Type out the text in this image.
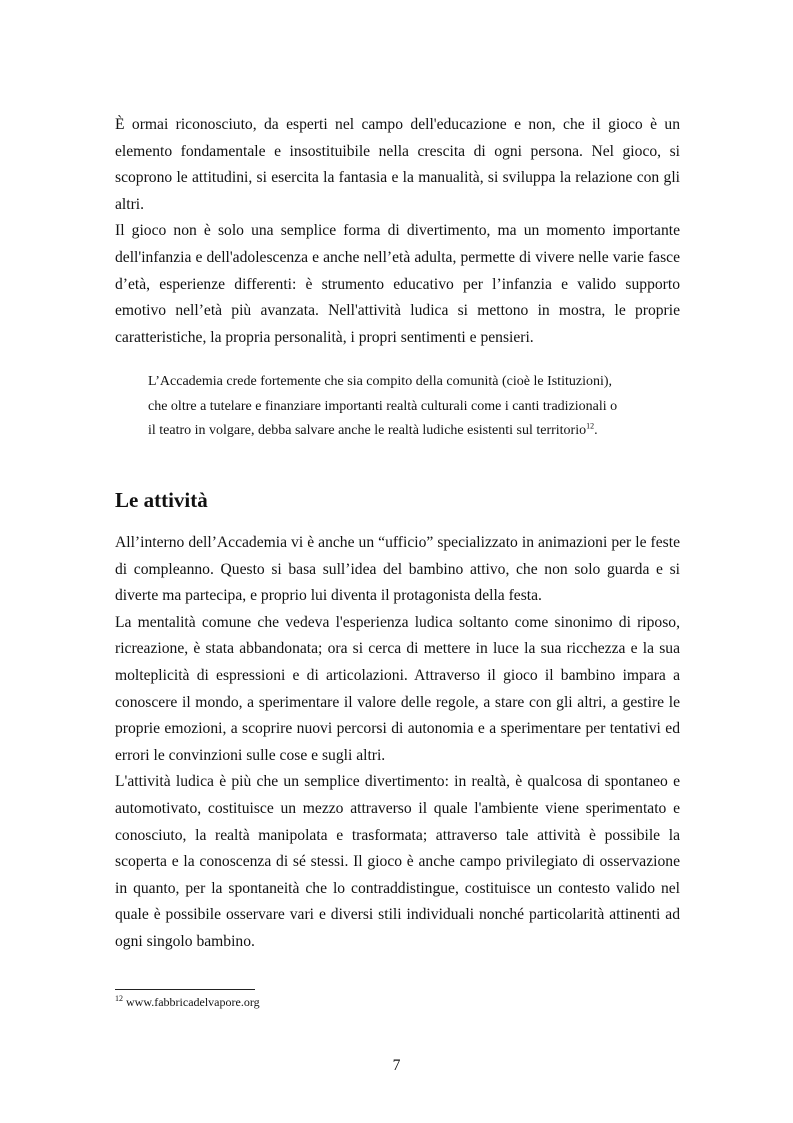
È ormai riconosciuto, da esperti nel campo dell'educazione e non, che il gioco è un elemento fondamentale e insostituibile nella crescita di ogni persona. Nel gioco, si scoprono le attitudini, si esercita la fantasia e la manualità, si sviluppa la relazione con gli altri.

Il gioco non è solo una semplice forma di divertimento, ma un momento importante dell'infanzia e dell'adolescenza e anche nell’età adulta, permette di vivere nelle varie fasce d’età, esperienze differenti: è strumento educativo per l’infanzia e valido supporto emotivo nell’età più avanzata. Nell'attività ludica si mettono in mostra, le proprie caratteristiche, la propria personalità, i propri sentimenti e pensieri.

L’Accademia crede fortemente che sia compito della comunità (cioè le Istituzioni),
che oltre a tutelare e finanziare importanti realtà culturali come i canti tradizionali o
il teatro in volgare, debba salvare anche le realtà ludiche esistenti sul territorio$^{12}$.
Le attività

All’interno dell’Accademia vi è anche un “ufficio” specializzato in animazioni per le feste di compleanno. Questo si basa sull’idea del bambino attivo, che non solo guarda e si diverte ma partecipa, e proprio lui diventa il protagonista della festa.

La mentalità comune che vedeva l'esperienza ludica soltanto come sinonimo di riposo, ricreazione, è stata abbandonata; ora si cerca di mettere in luce la sua ricchezza e la sua molteplicità di espressioni e di articolazioni. Attraverso il gioco il bambino impara a conoscere il mondo, a sperimentare il valore delle regole, a stare con gli altri, a gestire le proprie emozioni, a scoprire nuovi percorsi di autonomia e a sperimentare per tentativi ed errori le convinzioni sulle cose e sugli altri.

L'attività ludica è più che un semplice divertimento: in realtà, è qualcosa di spontaneo e automotivato, costituisce un mezzo attraverso il quale l'ambiente viene sperimentato e conosciuto, la realtà manipolata e trasformata; attraverso tale attività è possibile la scoperta e la conoscenza di sé stessi. Il gioco è anche campo privilegiato di osservazione in quanto, per la spontaneità che lo contraddistingue, costituisce un contesto valido nel quale è possibile osservare vari e diversi stili individuali nonché particolarità attinenti ad ogni singolo bambino.

$^{12}$ www.fabbricadelvapore.org
7
